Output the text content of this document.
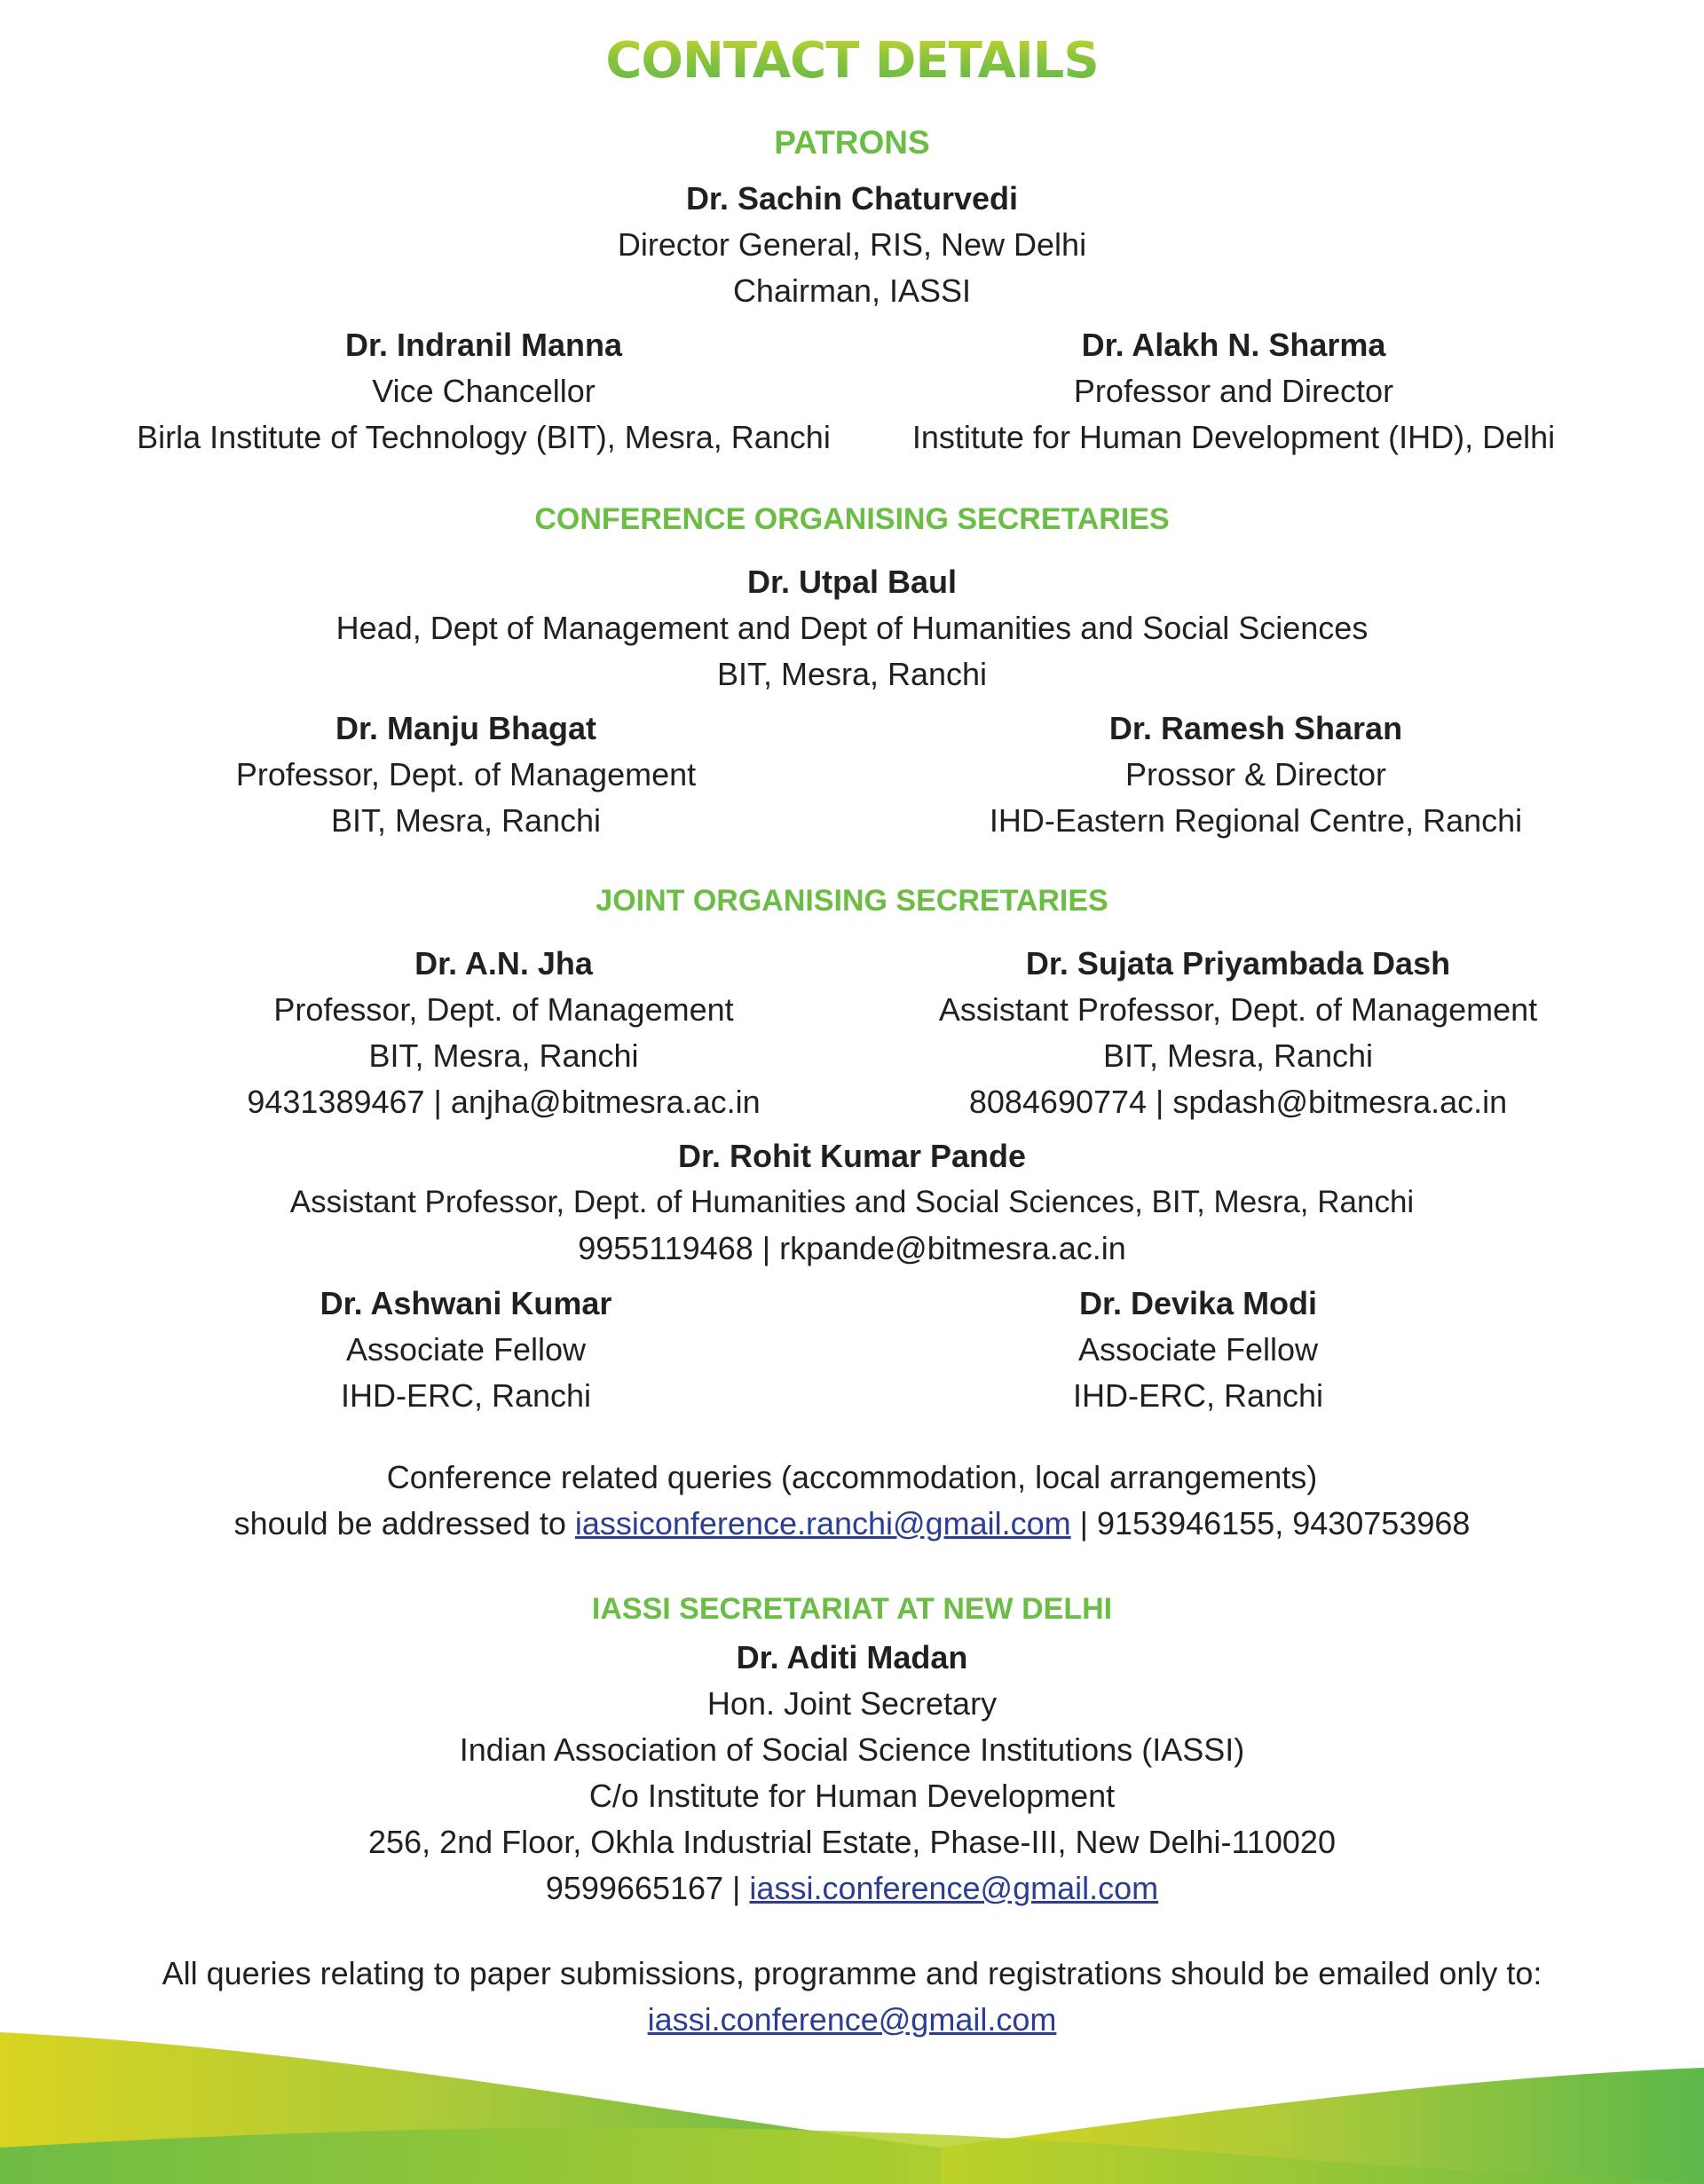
CONTACT DETAILS
PATRONS
Dr. Sachin Chaturvedi
Director General, RIS, New Delhi
Chairman, IASSI
Dr. Indranil Manna
Vice Chancellor
Birla Institute of Technology (BIT), Mesra, Ranchi
Dr. Alakh N. Sharma
Professor and Director
Institute for Human Development (IHD), Delhi
CONFERENCE ORGANISING SECRETARIES
Dr. Utpal Baul
Head, Dept of Management and Dept of Humanities and Social Sciences
BIT, Mesra, Ranchi
Dr. Manju Bhagat
Professor, Dept. of Management
BIT, Mesra, Ranchi
Dr. Ramesh Sharan
Prossor & Director
IHD-Eastern Regional Centre, Ranchi
JOINT ORGANISING SECRETARIES
Dr. A.N. Jha
Professor, Dept. of Management
BIT, Mesra, Ranchi
9431389467 | anjha@bitmesra.ac.in
Dr. Sujata Priyambada Dash
Assistant Professor, Dept. of Management
BIT, Mesra, Ranchi
8084690774 | spdash@bitmesra.ac.in
Dr. Rohit Kumar Pande
Assistant Professor, Dept. of Humanities and Social Sciences, BIT, Mesra, Ranchi
9955119468 | rkpande@bitmesra.ac.in
Dr. Ashwani Kumar
Associate Fellow
IHD-ERC, Ranchi
Dr. Devika Modi
Associate Fellow
IHD-ERC, Ranchi
Conference related queries (accommodation, local arrangements)
should be addressed to iassiconference.ranchi@gmail.com | 9153946155, 9430753968
IASSI SECRETARIAT AT NEW DELHI
Dr. Aditi Madan
Hon. Joint Secretary
Indian Association of Social Science Institutions (IASSI)
C/o Institute for Human Development
256, 2nd Floor, Okhla Industrial Estate, Phase-III, New Delhi-110020
9599665167 | iassi.conference@gmail.com
All queries relating to paper submissions, programme and registrations should be emailed only to:
iassi.conference@gmail.com
